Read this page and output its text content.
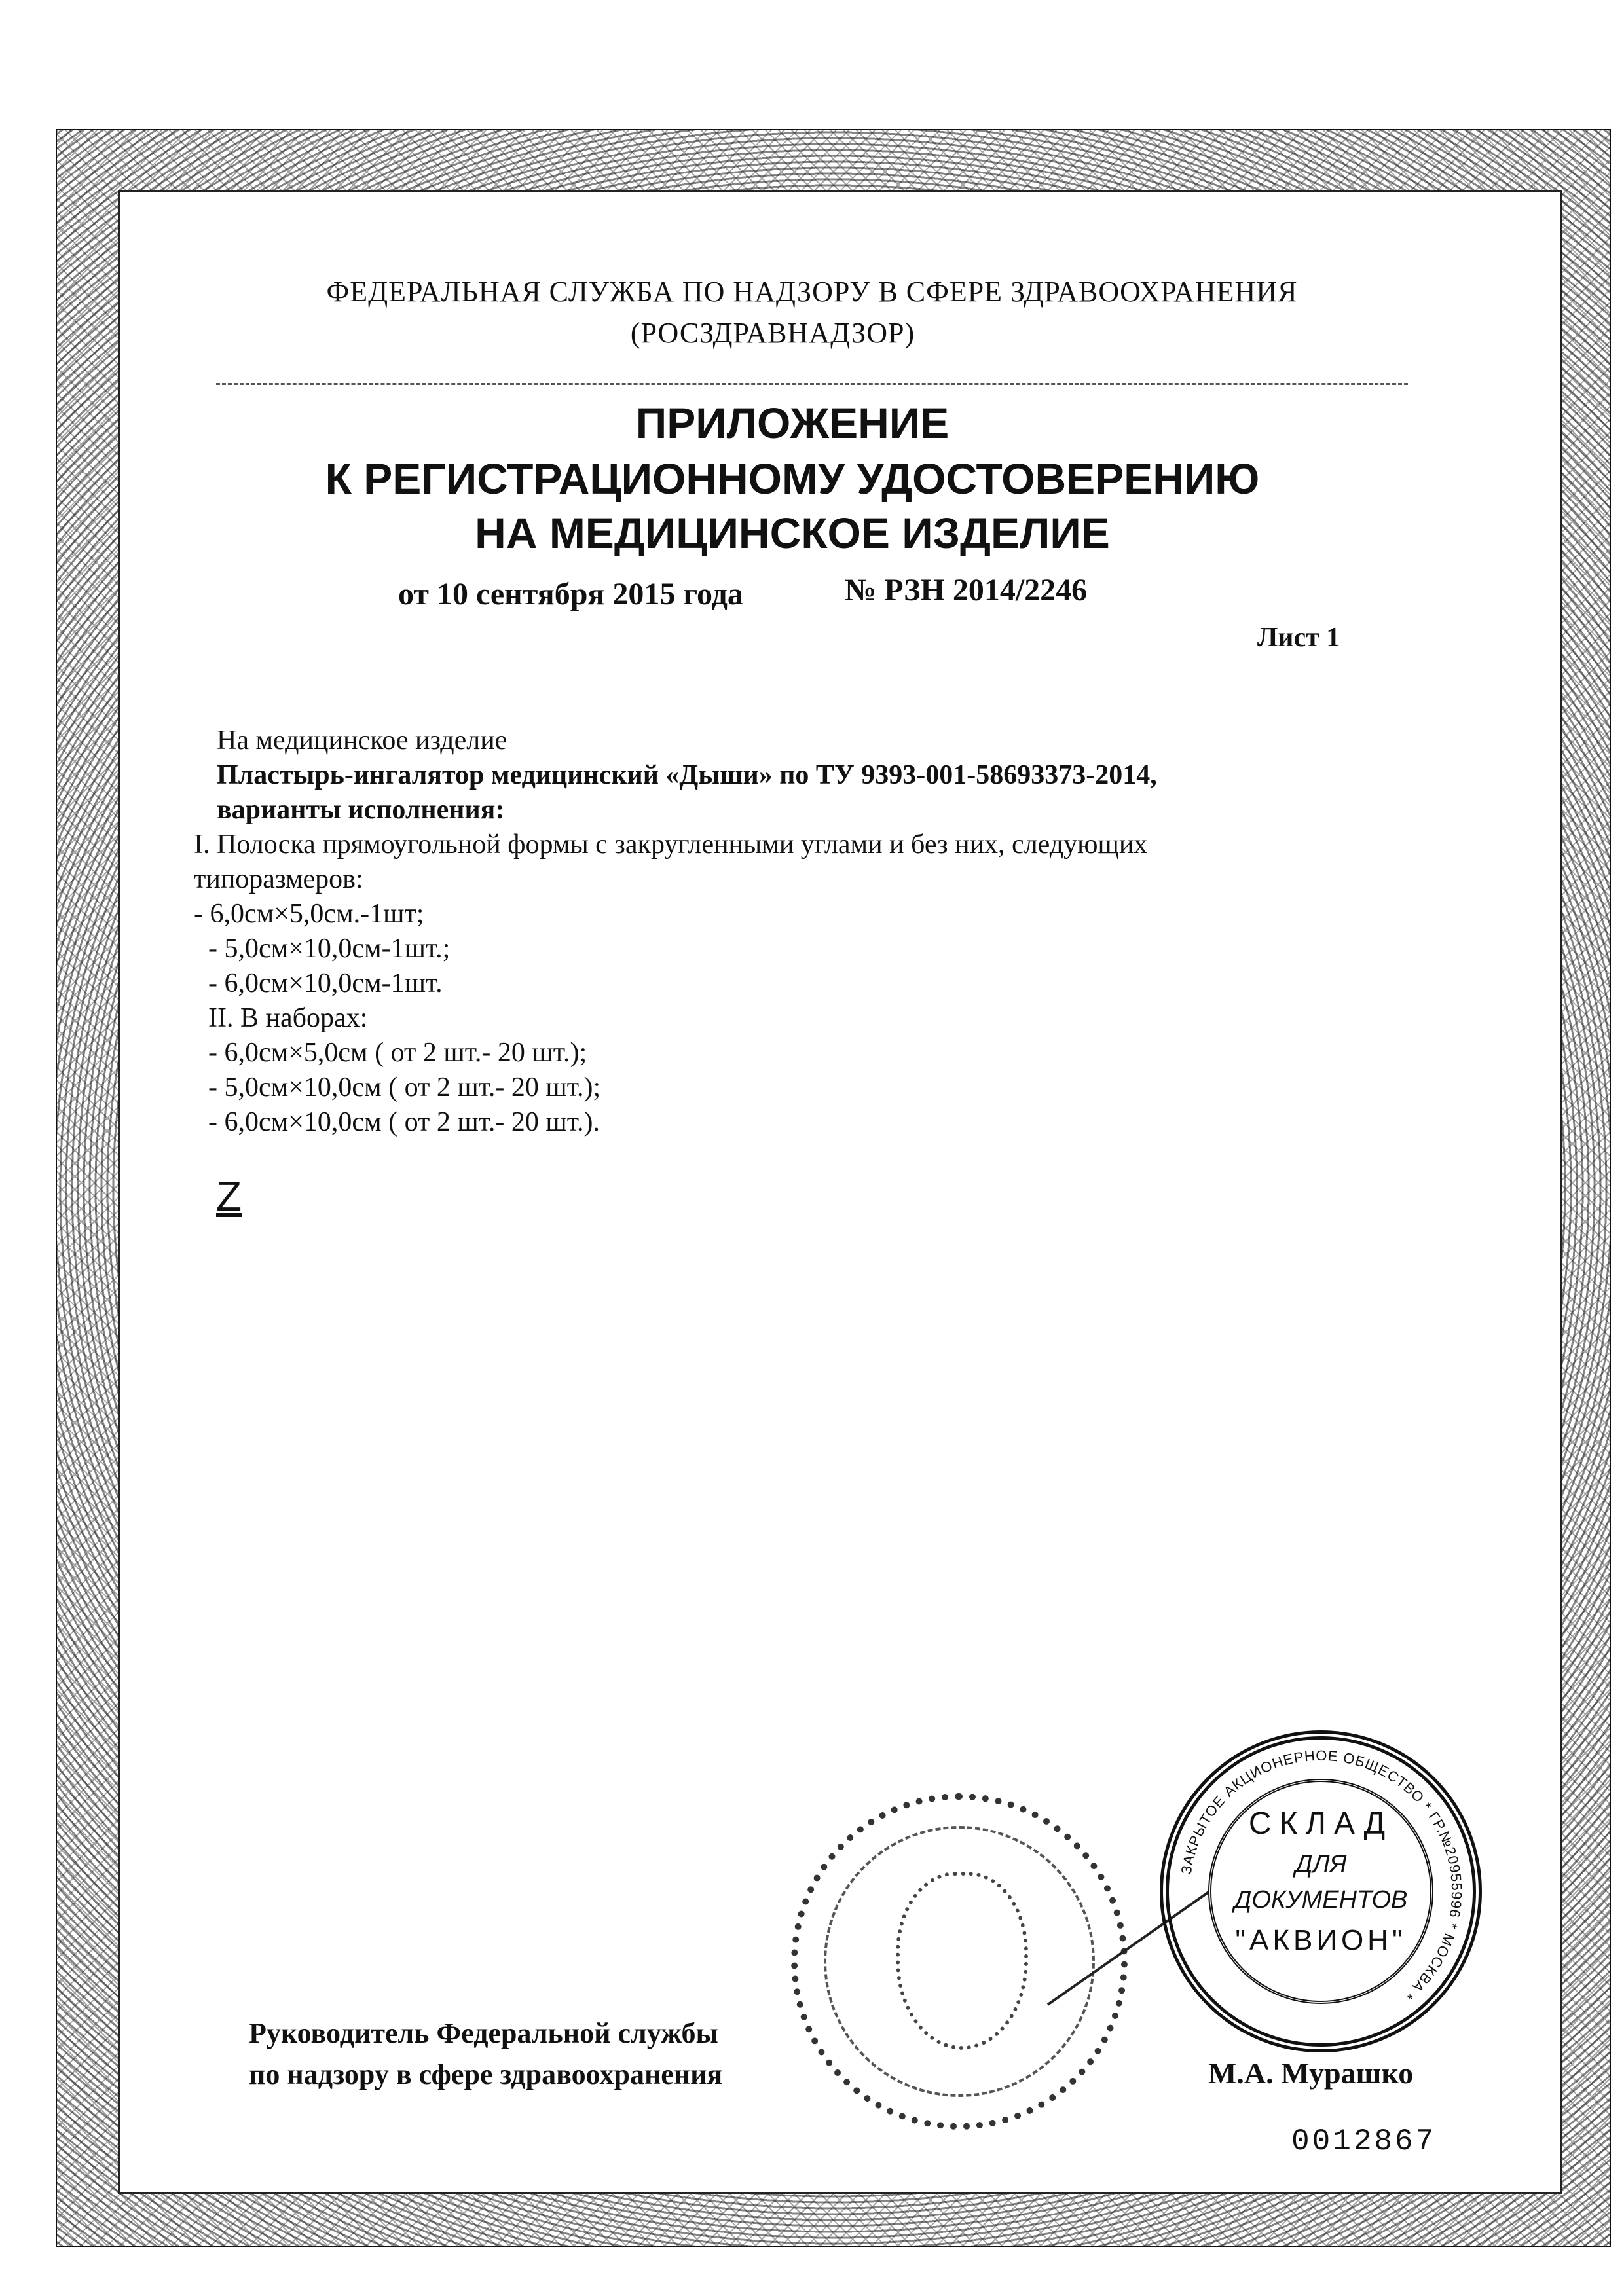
ФЕДЕРАЛЬНАЯ СЛУЖБА ПО НАДЗОРУ В СФЕРЕ ЗДРАВООХРАНЕНИЯ
(РОСЗДРАВНАДЗОР)
ПРИЛОЖЕНИЕ
К РЕГИСТРАЦИОННОМУ УДОСТОВЕРЕНИЮ
НА МЕДИЦИНСКОЕ ИЗДЕЛИЕ
от 10 сентября 2015 года	№ РЗН 2014/2246
Лист 1
На медицинское изделие
Пластырь-ингалятор медицинский «Дыши» по ТУ 9393-001-58693373-2014,
варианты исполнения:
I. Полоска прямоугольной формы с закругленными углами и без них, следующих
типоразмеров:
- 6,0см×5,0см.-1шт;
- 5,0см×10,0см-1шт.;
- 6,0см×10,0см-1шт.
II. В наборах:
- 6,0см×5,0см ( от 2 шт.- 20 шт.);
- 5,0см×10,0см ( от 2 шт.- 20 шт.);
- 6,0см×10,0см ( от 2 шт.- 20 шт.).
Z
Руководитель Федеральной службы
по надзору в сфере здравоохранения
ЗАКРЫТОЕ АКЦИОНЕРНОЕ ОБЩЕСТВО * ГР.№20955996 * МОСКВА *
СКЛАД
ДЛЯ
ДОКУМЕНТОВ
"АКВИОН"
М.А. Мурашко
0012867
